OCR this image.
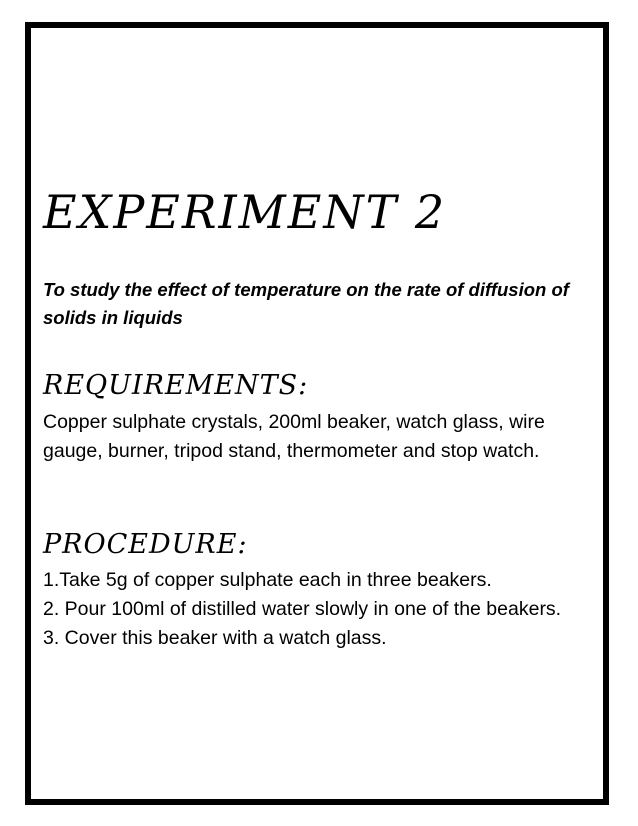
EXPERIMENT 2

To study the effect of temperature on the rate of diffusion of solids in liquids

REQUIREMENTS:

Copper sulphate crystals, 200ml beaker, watch glass, wire gauge, burner, tripod stand, thermometer and stop watch.

PROCEDURE:
1.Take 5g of copper sulphate each in three beakers.
2. Pour 100ml of distilled water slowly in one of the beakers.
3. Cover this beaker with a watch glass.
